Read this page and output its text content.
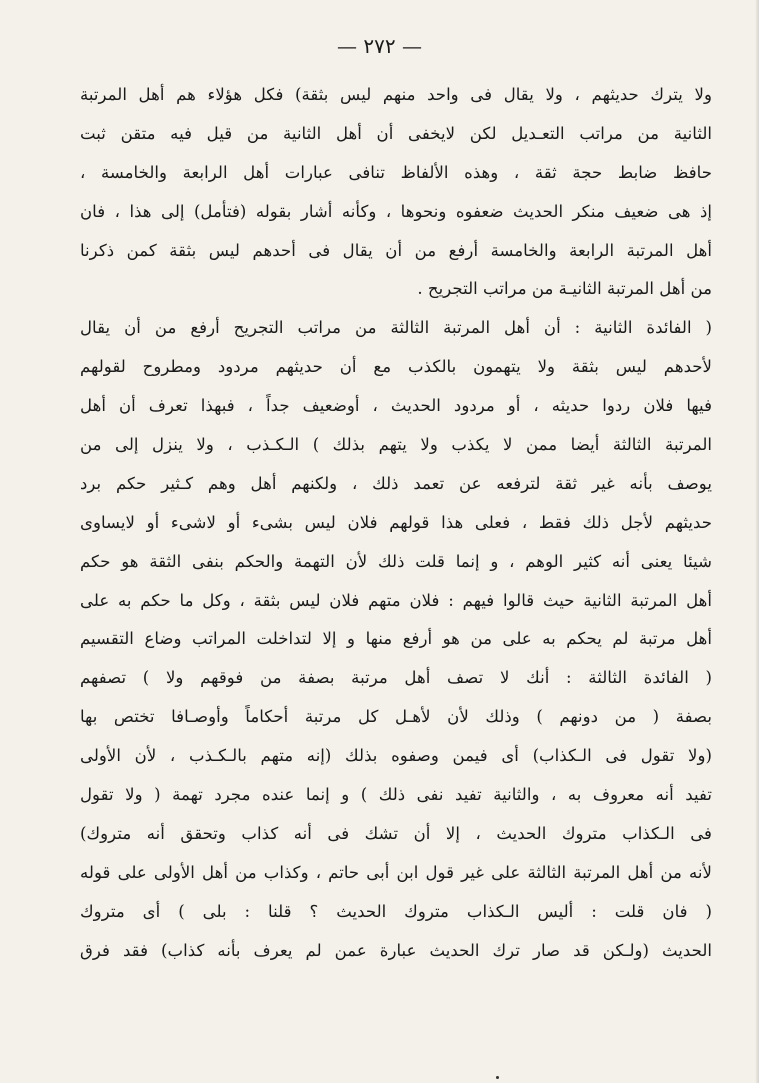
— ٢٧٢ —
ولا يترك حديثهم ، ولا يقال فى واحد منهم ليس بثقة) فكل هؤلاء هم أهل المرتبة
الثانية من مراتب التعـديل لكن لايخفى أن أهل الثانية من قيل فيه متقن ثبت
حافظ ضابط حجة ثقة ، وهذه الألفاظ تنافى عبارات أهل الرابعة والخامسة ،
إذ هى ضعيف منكر الحديث ضعفوه ونحوها ، وكأنه أشار بقوله (فتأمل) إلى هذا ، فان
أهل المرتبة الرابعة والخامسة أرفع من أن يقال فى أحدهم ليس بثقة كمن ذكرنا
من أهل المرتبة الثانيـة من مراتب التجريح .
( الفائدة الثانية : أن أهل المرتبة الثالثة من مراتب التجريح أرفع من أن يقال
لأحدهم ليس بثقة ولا يتهمون بالكذب مع أن حديثهم مردود ومطروح لقولهم
فيها فلان ردوا حديثه ، أو مردود الحديث ، أوضعيف جداً ، فبهذا تعرف أن أهل
المرتبة الثالثة أيضا ممن لا يكذب ولا يتهم بذلك ) الـكـذب ، ولا ينزل إلى من
يوصف بأنه غير ثقة لترفعه عن تعمد ذلك ، ولكنهم أهل وهم كـثير حكم برد
حديثهم لأجل ذلك فقط ، فعلى هذا قولهم فلان ليس بشىء أو لاشىء أو لايساوى
شيئا يعنى أنه كثير الوهم ، و إنما قلت ذلك لأن التهمة والحكم بنفى الثقة هو حكم
أهل المرتبة الثانية حيث قالوا فيهم : فلان متهم فلان ليس بثقة ، وكل ما حكم به على
أهل مرتبة لم يحكم به على من هو أرفع منها و إلا لتداخلت المراتب وضاع التقسيم
( الفائدة الثالثة : أنك لا تصف أهل مرتبة بصفة من فوقهم ولا ) تصفهم
بصفة ( من دونهم ) وذلك لأن لأهـل كل مرتبة أحكاماً وأوصـافا تختص بها
(ولا تقول فى الـكذاب) أى فيمن وصفوه بذلك (إنه متهم بالـكـذب ، لأن الأولى
تفيد أنه معروف به ، والثانية تفيد نفى ذلك ) و إنما عنده مجرد تهمة ( ولا تقول
فى الـكذاب متروك الحديث ، إلا أن تشك فى أنه كذاب وتحقق أنه متروك)
لأنه من أهل المرتبة الثالثة على غير قول ابن أبى حاتم ، وكذاب من أهل الأولى على قوله
( فان قلت : أليس الـكذاب متروك الحديث ؟ قلنا : بلى ) أى متروك
الحديث (ولـكن قد صار ترك الحديث عبارة عمن لم يعرف بأنه كذاب) فقد فرق
